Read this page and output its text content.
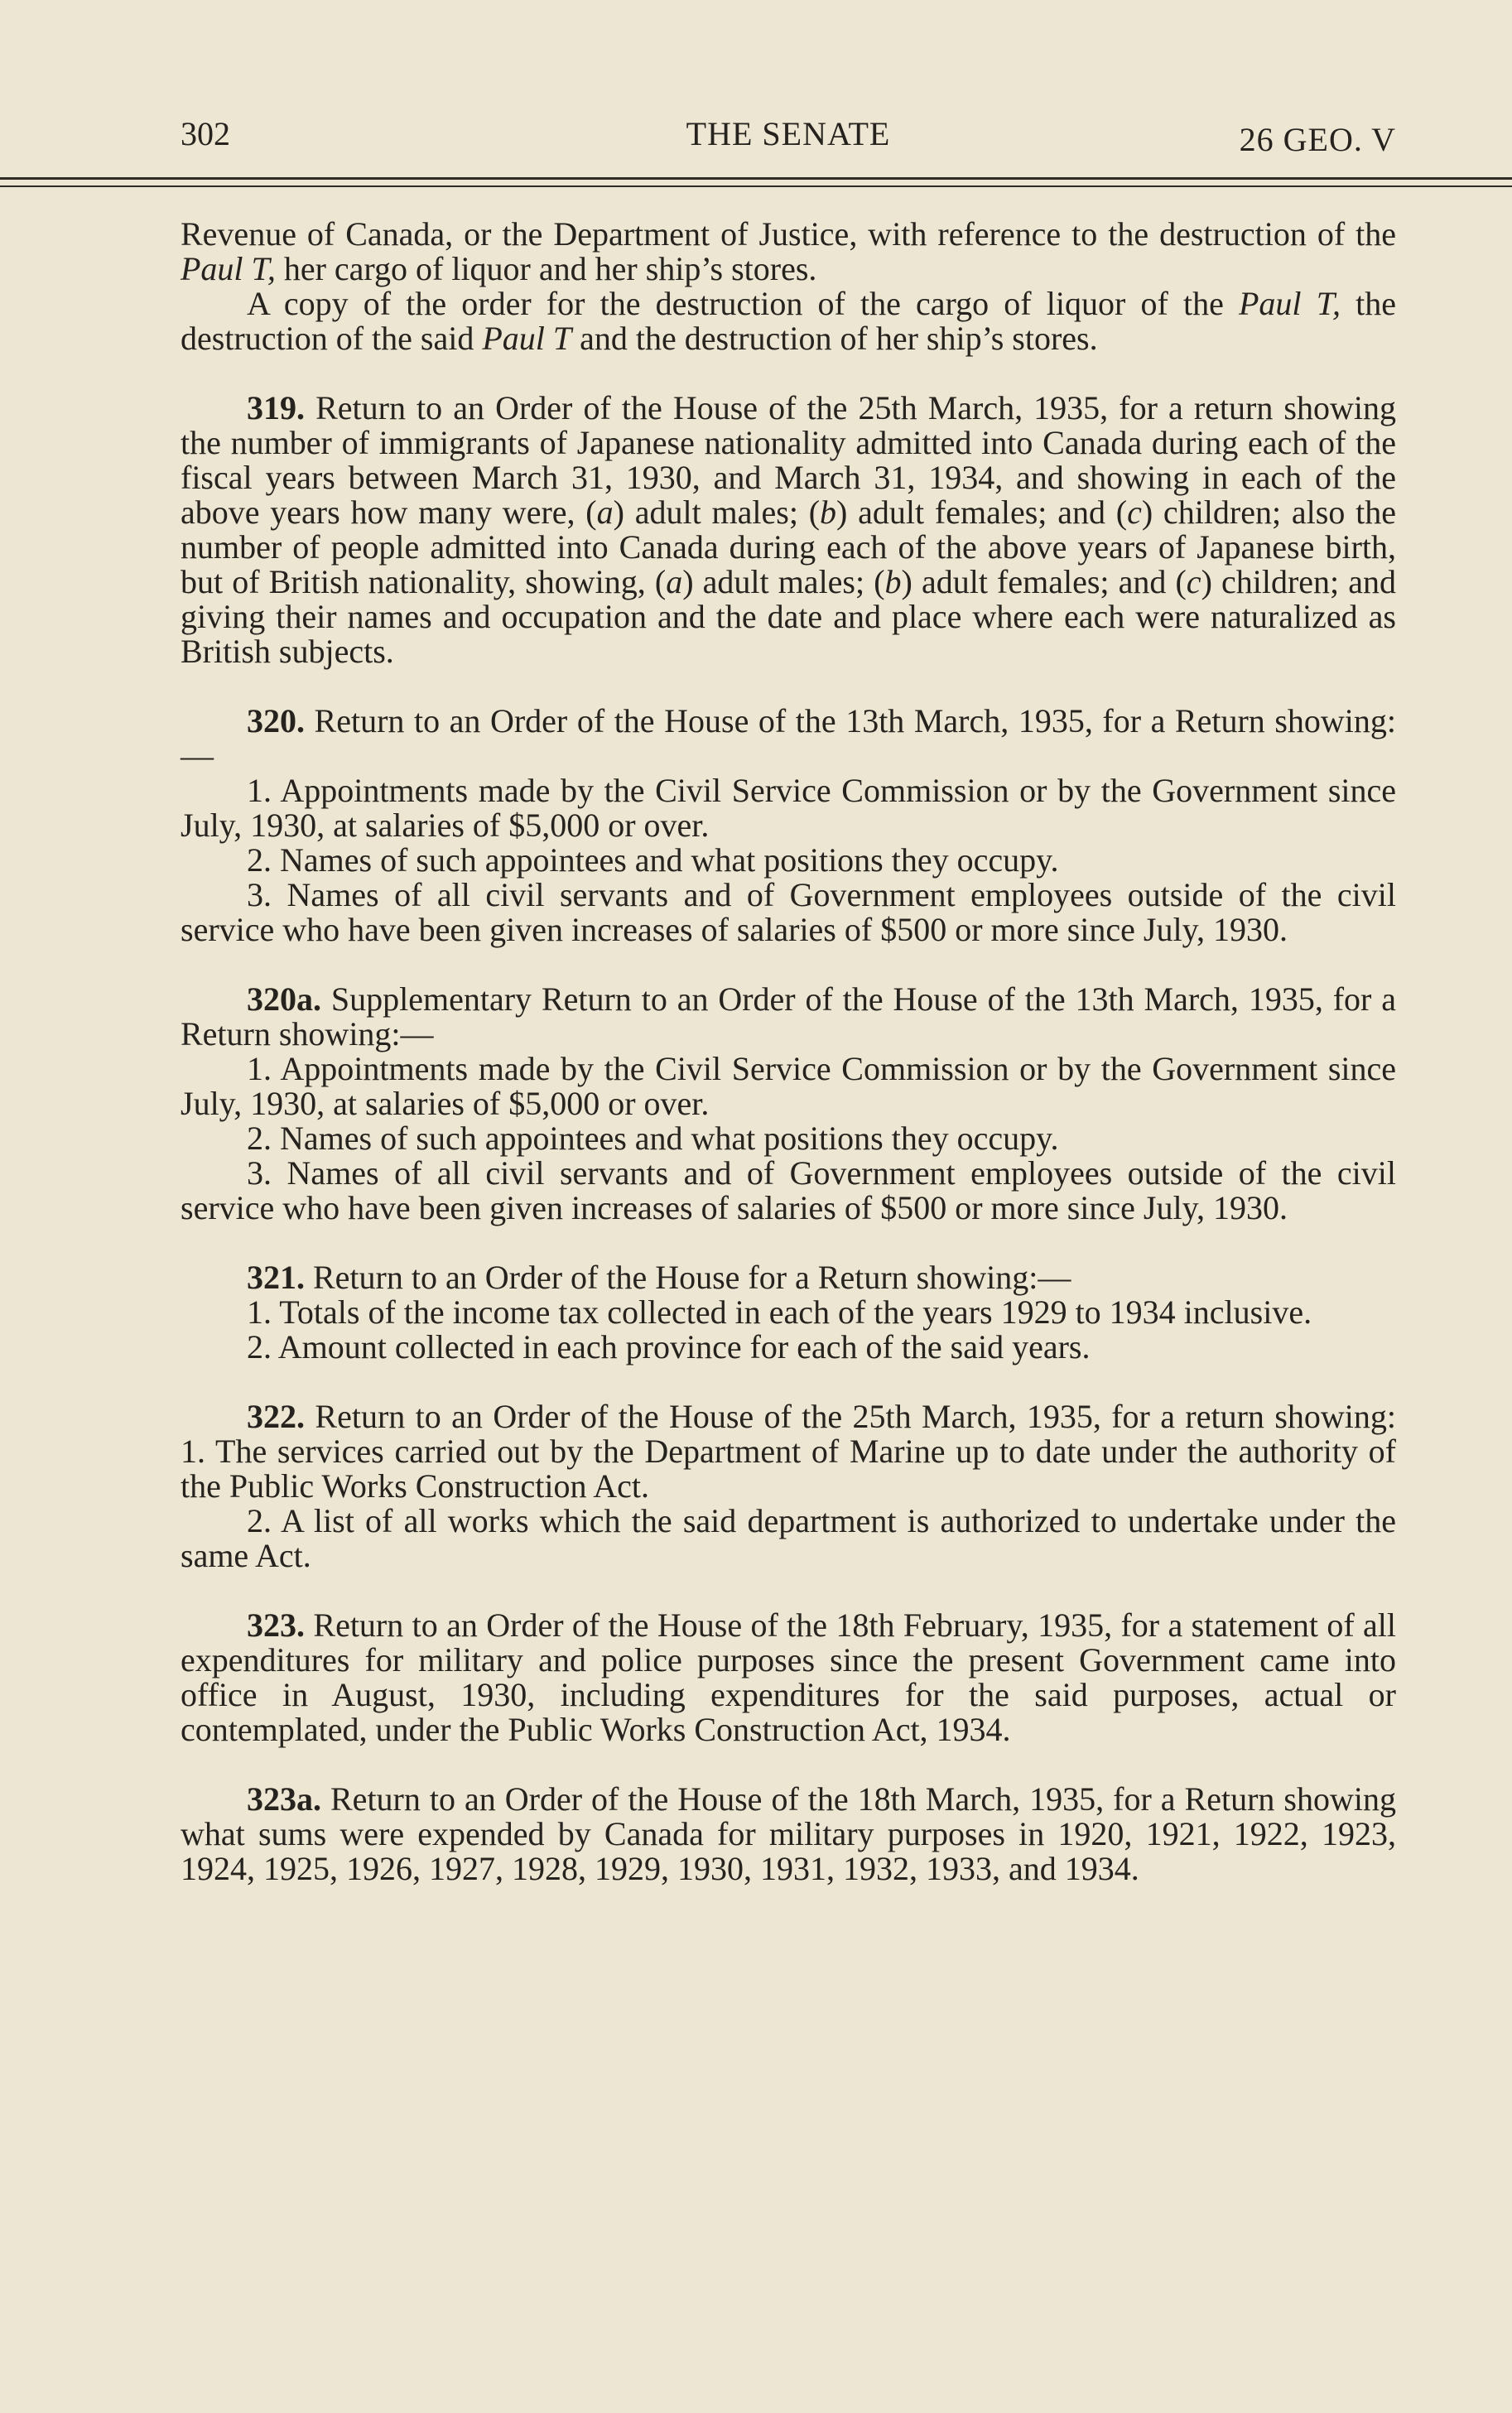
302	THE SENATE	26 GEO. V

Revenue of Canada, or the Department of Justice, with reference to the destruction of the Paul T, her cargo of liquor and her ship’s stores.

A copy of the order for the destruction of the cargo of liquor of the Paul T, the destruction of the said Paul T and the destruction of her ship’s stores.

319. Return to an Order of the House of the 25th March, 1935, for a return showing the number of immigrants of Japanese nationality admitted into Canada during each of the fiscal years between March 31, 1930, and March 31, 1934, and showing in each of the above years how many were, (a) adult males; (b) adult females; and (c) children; also the number of people admitted into Canada during each of the above years of Japanese birth, but of British nationality, showing, (a) adult males; (b) adult females; and (c) children; and giving their names and occupation and the date and place where each were naturalized as British subjects.

320. Return to an Order of the House of the 13th March, 1935, for a Return showing:—

1. Appointments made by the Civil Service Commission or by the Government since July, 1930, at salaries of $5,000 or over.

2. Names of such appointees and what positions they occupy.

3. Names of all civil servants and of Government employees outside of the civil service who have been given increases of salaries of $500 or more since July, 1930.

320a. Supplementary Return to an Order of the House of the 13th March, 1935, for a Return showing:—

1. Appointments made by the Civil Service Commission or by the Government since July, 1930, at salaries of $5,000 or over.

2. Names of such appointees and what positions they occupy.

3. Names of all civil servants and of Government employees outside of the civil service who have been given increases of salaries of $500 or more since July, 1930.

321. Return to an Order of the House for a Return showing:—

1. Totals of the income tax collected in each of the years 1929 to 1934 inclusive.

2. Amount collected in each province for each of the said years.

322. Return to an Order of the House of the 25th March, 1935, for a return showing: 1. The services carried out by the Department of Marine up to date under the authority of the Public Works Construction Act.

2. A list of all works which the said department is authorized to undertake under the same Act.

323. Return to an Order of the House of the 18th February, 1935, for a statement of all expenditures for military and police purposes since the present Government came into office in August, 1930, including expenditures for the said purposes, actual or contemplated, under the Public Works Construction Act, 1934.

323a. Return to an Order of the House of the 18th March, 1935, for a Return showing what sums were expended by Canada for military purposes in 1920, 1921, 1922, 1923, 1924, 1925, 1926, 1927, 1928, 1929, 1930, 1931, 1932, 1933, and 1934.
